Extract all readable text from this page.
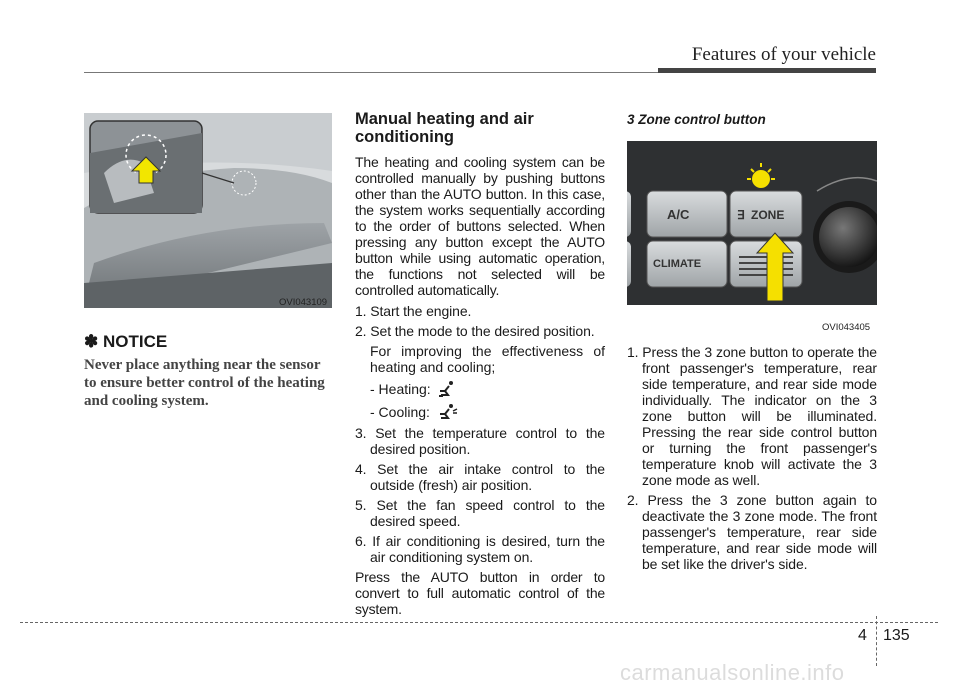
Features of your vehicle
OVI043109
✽ NOTICE
Never place anything near the sensor to ensure better control of the heating and cooling system.
Manual heating and air conditioning

The heating and cooling system can be controlled manually by pushing buttons other than the AUTO button. In this case, the system works sequentially according to the order of buttons selected. When pressing any button except the AUTO button while using automatic operation, the functions not selected will be controlled automatically.

1. Start the engine.

2. Set the mode to the desired position.

For improving the effectiveness of heating and cooling;

- Heating:
- Cooling:

3. Set the temperature control to the desired position.

4. Set the air intake control to the outside (fresh) air position.

5. Set the fan speed control to the desired speed.

6. If air conditioning is desired, turn the air conditioning system on.

Press the AUTO button in order to convert to full automatic control of the system.

3 Zone control button
A/C	∃ ZONE
CLIMATE
OVI043405

1. Press the 3 zone button to operate the front passenger's temperature, rear side temperature, and rear side mode individually. The indicator on the 3 zone button will be illuminated. Pressing the rear side control button or turning the front passenger's temperature knob will activate the 3 zone mode as well.

2. Press the 3 zone button again to deactivate the 3 zone mode. The front passenger's temperature, rear side temperature, and rear side mode will be set like the driver's side.

4 135
carmanualsonline.info
